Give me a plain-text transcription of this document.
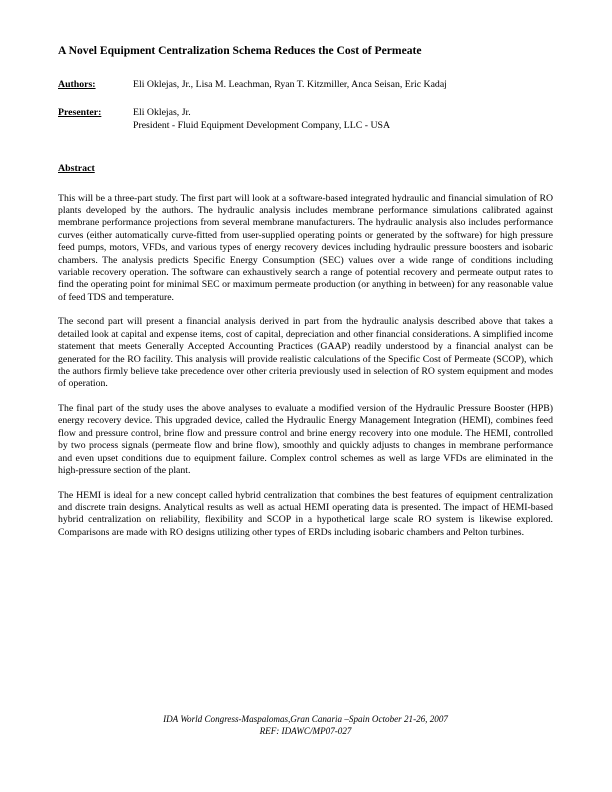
A Novel Equipment Centralization Schema Reduces the Cost of Permeate
Authors:	Eli Oklejas, Jr., Lisa M. Leachman, Ryan T. Kitzmiller, Anca Seisan, Eric Kadaj
Presenter:	Eli Oklejas, Jr.
President - Fluid Equipment Development Company, LLC - USA
Abstract

This will be a three-part study. The first part will look at a software-based integrated hydraulic and financial simulation of RO plants developed by the authors. The hydraulic analysis includes membrane performance simulations calibrated against membrane performance projections from several membrane manufacturers. The hydraulic analysis also includes performance curves (either automatically curve-fitted from user-supplied operating points or generated by the software) for high pressure feed pumps, motors, VFDs, and various types of energy recovery devices including hydraulic pressure boosters and isobaric chambers. The analysis predicts Specific Energy Consumption (SEC) values over a wide range of conditions including variable recovery operation. The software can exhaustively search a range of potential recovery and permeate output rates to find the operating point for minimal SEC or maximum permeate production (or anything in between) for any reasonable value of feed TDS and temperature.

The second part will present a financial analysis derived in part from the hydraulic analysis described above that takes a detailed look at capital and expense items, cost of capital, depreciation and other financial considerations. A simplified income statement that meets Generally Accepted Accounting Practices (GAAP) readily understood by a financial analyst can be generated for the RO facility. This analysis will provide realistic calculations of the Specific Cost of Permeate (SCOP), which the authors firmly believe take precedence over other criteria previously used in selection of RO system equipment and modes of operation.

The final part of the study uses the above analyses to evaluate a modified version of the Hydraulic Pressure Booster (HPB) energy recovery device. This upgraded device, called the Hydraulic Energy Management Integration (HEMI), combines feed flow and pressure control, brine flow and pressure control and brine energy recovery into one module. The HEMI, controlled by two process signals (permeate flow and brine flow), smoothly and quickly adjusts to changes in membrane performance and even upset conditions due to equipment failure. Complex control schemes as well as large VFDs are eliminated in the high-pressure section of the plant.

The HEMI is ideal for a new concept called hybrid centralization that combines the best features of equipment centralization and discrete train designs. Analytical results as well as actual HEMI operating data is presented. The impact of HEMI-based hybrid centralization on reliability, flexibility and SCOP in a hypothetical large scale RO system is likewise explored. Comparisons are made with RO designs utilizing other types of ERDs including isobaric chambers and Pelton turbines.

IDA World Congress-Maspalomas,Gran Canaria –Spain October 21-26, 2007
REF: IDAWC/MP07-027
